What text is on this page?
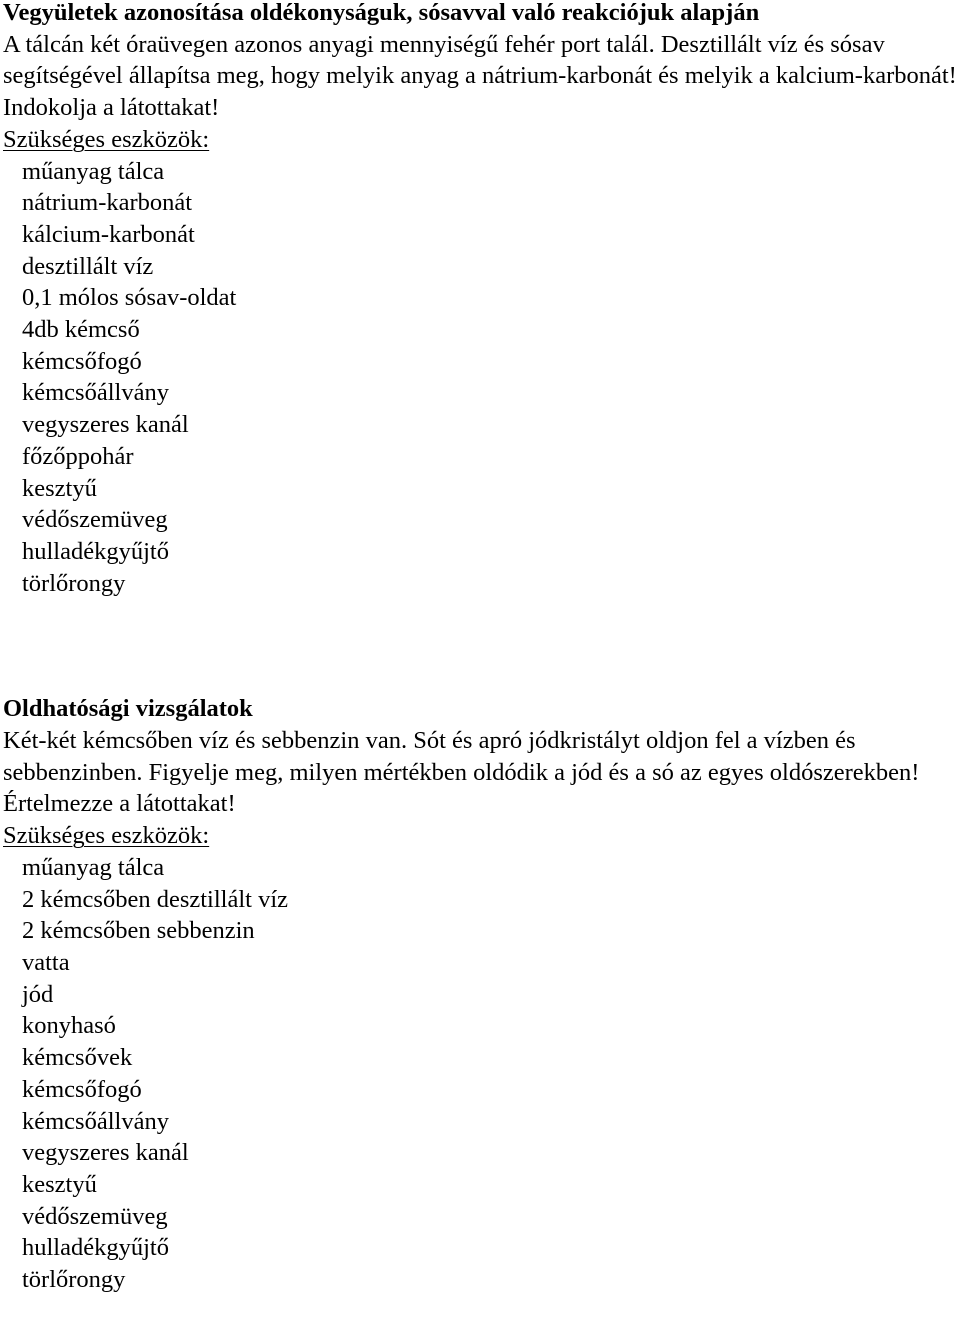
Vegyületek azonosítása oldékonyságuk, sósavval való reakciójuk alapján

A tálcán két óraüvegen azonos anyagi mennyiségű fehér port talál. Desztillált víz és sósav segítségével állapítsa meg, hogy melyik anyag a nátrium-karbonát és melyik a kalcium-karbonát!

Indokolja a látottakat!

Szükséges eszközök:

műanyag tálca
nátrium-karbonát
kálcium-karbonát
desztillált víz
0,1 mólos sósav-oldat
4db kémcső
kémcsőfogó
kémcsőállvány
vegyszeres kanál
főzőppohár
kesztyű
védőszemüveg
hulladékgyűjtő
törlőrongy

Oldhatósági vizsgálatok

Két-két kémcsőben víz és sebbenzin van. Sót és apró jódkristályt oldjon fel a vízben és sebbenzinben. Figyelje meg, milyen mértékben oldódik a jód és a só az egyes oldószerekben! Értelmezze a látottakat!

Szükséges eszközök:

műanyag tálca
2 kémcsőben desztillált víz
2 kémcsőben sebbenzin
vatta
jód
konyhasó
kémcsővek
kémcsőfogó
kémcsőállvány
vegyszeres kanál
kesztyű
védőszemüveg
hulladékgyűjtő
törlőrongy
